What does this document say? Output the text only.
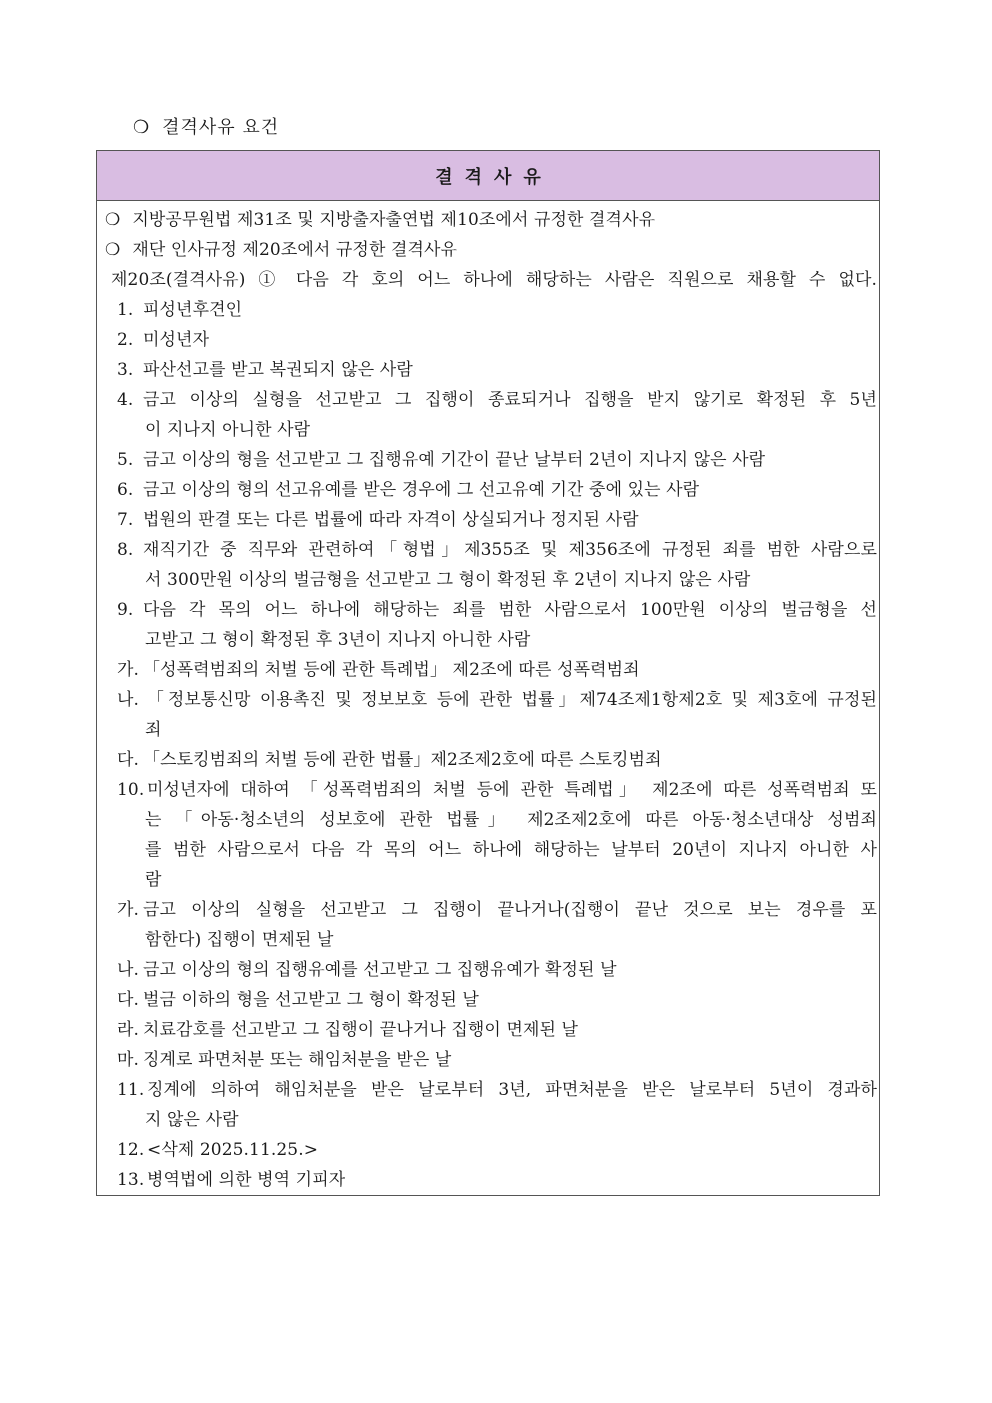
❍ 결격사유 요건
결격사유
❍ 지방공무원법 제31조 및 지방출자출연법 제10조에서 규정한 결격사유
❍ 재단 인사규정 제20조에서 규정한 결격사유
제20조(결격사유) ① 다음 각 호의 어느 하나에 해당하는 사람은 직원으로 채용할 수 없다.
1. 피성년후견인
2. 미성년자
3. 파산선고를 받고 복권되지 않은 사람
4. 금고 이상의 실형을 선고받고 그 집행이 종료되거나 집행을 받지 않기로 확정된 후 5년
이 지나지 아니한 사람
5. 금고 이상의 형을 선고받고 그 집행유예 기간이 끝난 날부터 2년이 지나지 않은 사람
6. 금고 이상의 형의 선고유예를 받은 경우에 그 선고유예 기간 중에 있는 사람
7. 법원의 판결 또는 다른 법률에 따라 자격이 상실되거나 정지된 사람
8. 재직기간 중 직무와 관련하여「형법」제355조 및 제356조에 규정된 죄를 범한 사람으로
서 300만원 이상의 벌금형을 선고받고 그 형이 확정된 후 2년이 지나지 않은 사람
9. 다음 각 목의 어느 하나에 해당하는 죄를 범한 사람으로서 100만원 이상의 벌금형을 선
고받고 그 형이 확정된 후 3년이 지나지 아니한 사람
가. 「성폭력범죄의 처벌 등에 관한 특례법」 제2조에 따른 성폭력범죄
나. 「정보통신망 이용촉진 및 정보보호 등에 관한 법률」제74조제1항제2호 및 제3호에 규정된
죄
다. 「스토킹범죄의 처벌 등에 관한 법률」제2조제2호에 따른 스토킹범죄
10. 미성년자에 대하여 「성폭력범죄의 처벌 등에 관한 특례법」 제2조에 따른 성폭력범죄 또
는 「아동·청소년의 성보호에 관한 법률」 제2조제2호에 따른 아동·청소년대상 성범죄
를 범한 사람으로서 다음 각 목의 어느 하나에 해당하는 날부터 20년이 지나지 아니한 사
람
가. 금고 이상의 실형을 선고받고 그 집행이 끝나거나(집행이 끝난 것으로 보는 경우를 포
함한다) 집행이 면제된 날
나. 금고 이상의 형의 집행유예를 선고받고 그 집행유예가 확정된 날
다. 벌금 이하의 형을 선고받고 그 형이 확정된 날
라. 치료감호를 선고받고 그 집행이 끝나거나 집행이 면제된 날
마. 징계로 파면처분 또는 해임처분을 받은 날
11. 징계에 의하여 해임처분을 받은 날로부터 3년, 파면처분을 받은 날로부터 5년이 경과하
지 않은 사람
12. <삭제 2025.11.25.>
13. 병역법에 의한 병역 기피자
